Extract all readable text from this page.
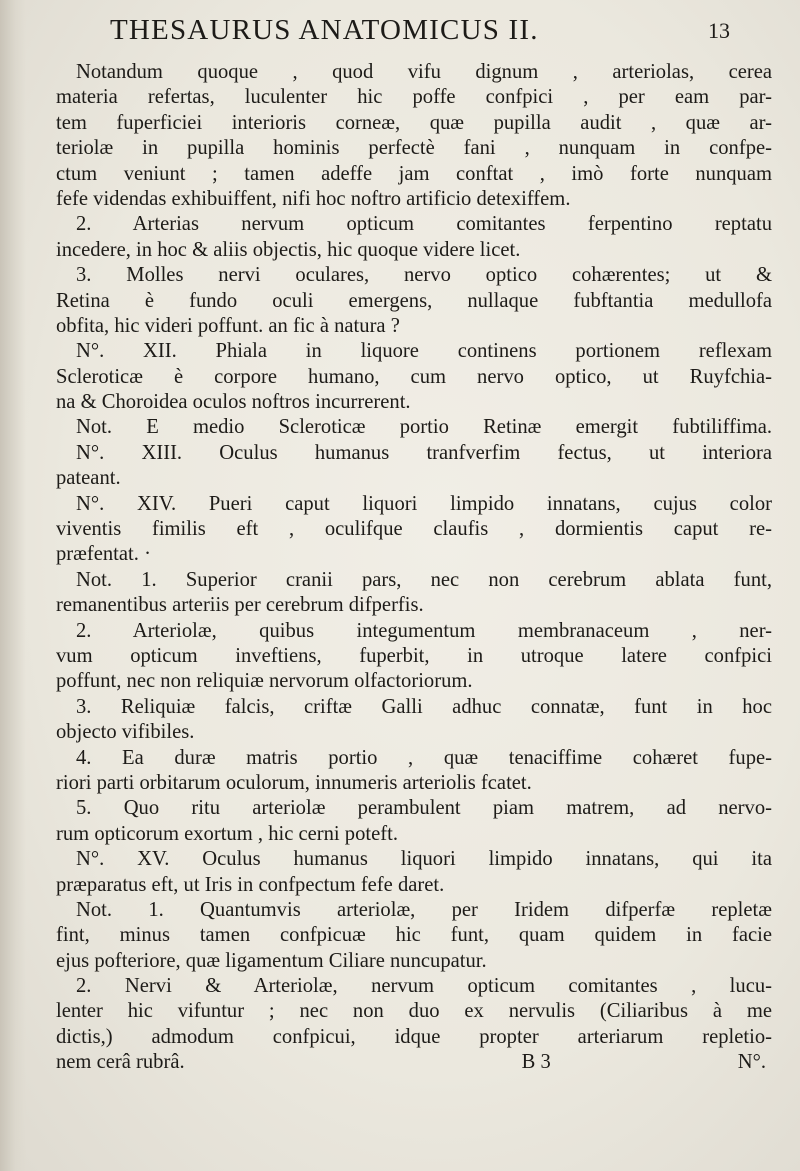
THESAURUS ANATOMICUS II.	13
Notandum quoque , quod vifu dignum , arteriolas, cerea
materia refertas, luculenter hic poffe confpici , per eam par-
tem fuperficiei interioris corneæ, quæ pupilla audit , quæ ar-
teriolæ in pupilla hominis perfectè fani , nunquam in confpe-
ctum veniunt ; tamen adeffe jam conftat , imò forte nunquam
fefe videndas exhibuiffent, nifi hoc noftro artificio detexiffem.
2. Arterias nervum opticum comitantes ferpentino reptatu
incedere, in hoc & aliis objectis, hic quoque videre licet.
3. Molles nervi oculares, nervo optico cohærentes; ut &
Retina è fundo oculi emergens, nullaque fubftantia medullofa
obfita, hic videri poffunt. an fic à natura ?
N°. XII. Phiala in liquore continens portionem reflexam
Scleroticæ è corpore humano, cum nervo optico, ut Ruyfchia-
na & Choroidea oculos noftros incurrerent.
Not. E medio Scleroticæ portio Retinæ emergit fubtiliffima.
N°. XIII. Oculus humanus tranfverfim fectus, ut interiora
pateant.
N°. XIV. Pueri caput liquori limpido innatans, cujus color
viventis fimilis eft , oculifque claufis , dormientis caput re-
præfentat. ·
Not. 1. Superior cranii pars, nec non cerebrum ablata funt,
remanentibus arteriis per cerebrum difperfis.
2. Arteriolæ, quibus integumentum membranaceum , ner-
vum opticum inveftiens, fuperbit, in utroque latere confpici
poffunt, nec non reliquiæ nervorum olfactoriorum.
3. Reliquiæ falcis, criftæ Galli adhuc connatæ, funt in hoc
objecto vifibiles.
4. Ea duræ matris portio , quæ tenaciffime cohæret fupe-
riori parti orbitarum oculorum, innumeris arteriolis fcatet.
5. Quo ritu arteriolæ perambulent piam matrem, ad nervo-
rum opticorum exortum , hic cerni poteft.
N°. XV. Oculus humanus liquori limpido innatans, qui ita
præparatus eft, ut Iris in confpectum fefe daret.
Not. 1. Quantumvis arteriolæ, per Iridem difperfæ repletæ
fint, minus tamen confpicuæ hic funt, quam quidem in facie
ejus pofteriore, quæ ligamentum Ciliare nuncupatur.
2. Nervi & Arteriolæ, nervum opticum comitantes , lucu-
lenter hic vifuntur ; nec non duo ex nervulis (Ciliaribus à me
dictis,) admodum confpicui, idque propter arteriarum repletio-
nem cerâ rubrâ.	B 3	N°.
